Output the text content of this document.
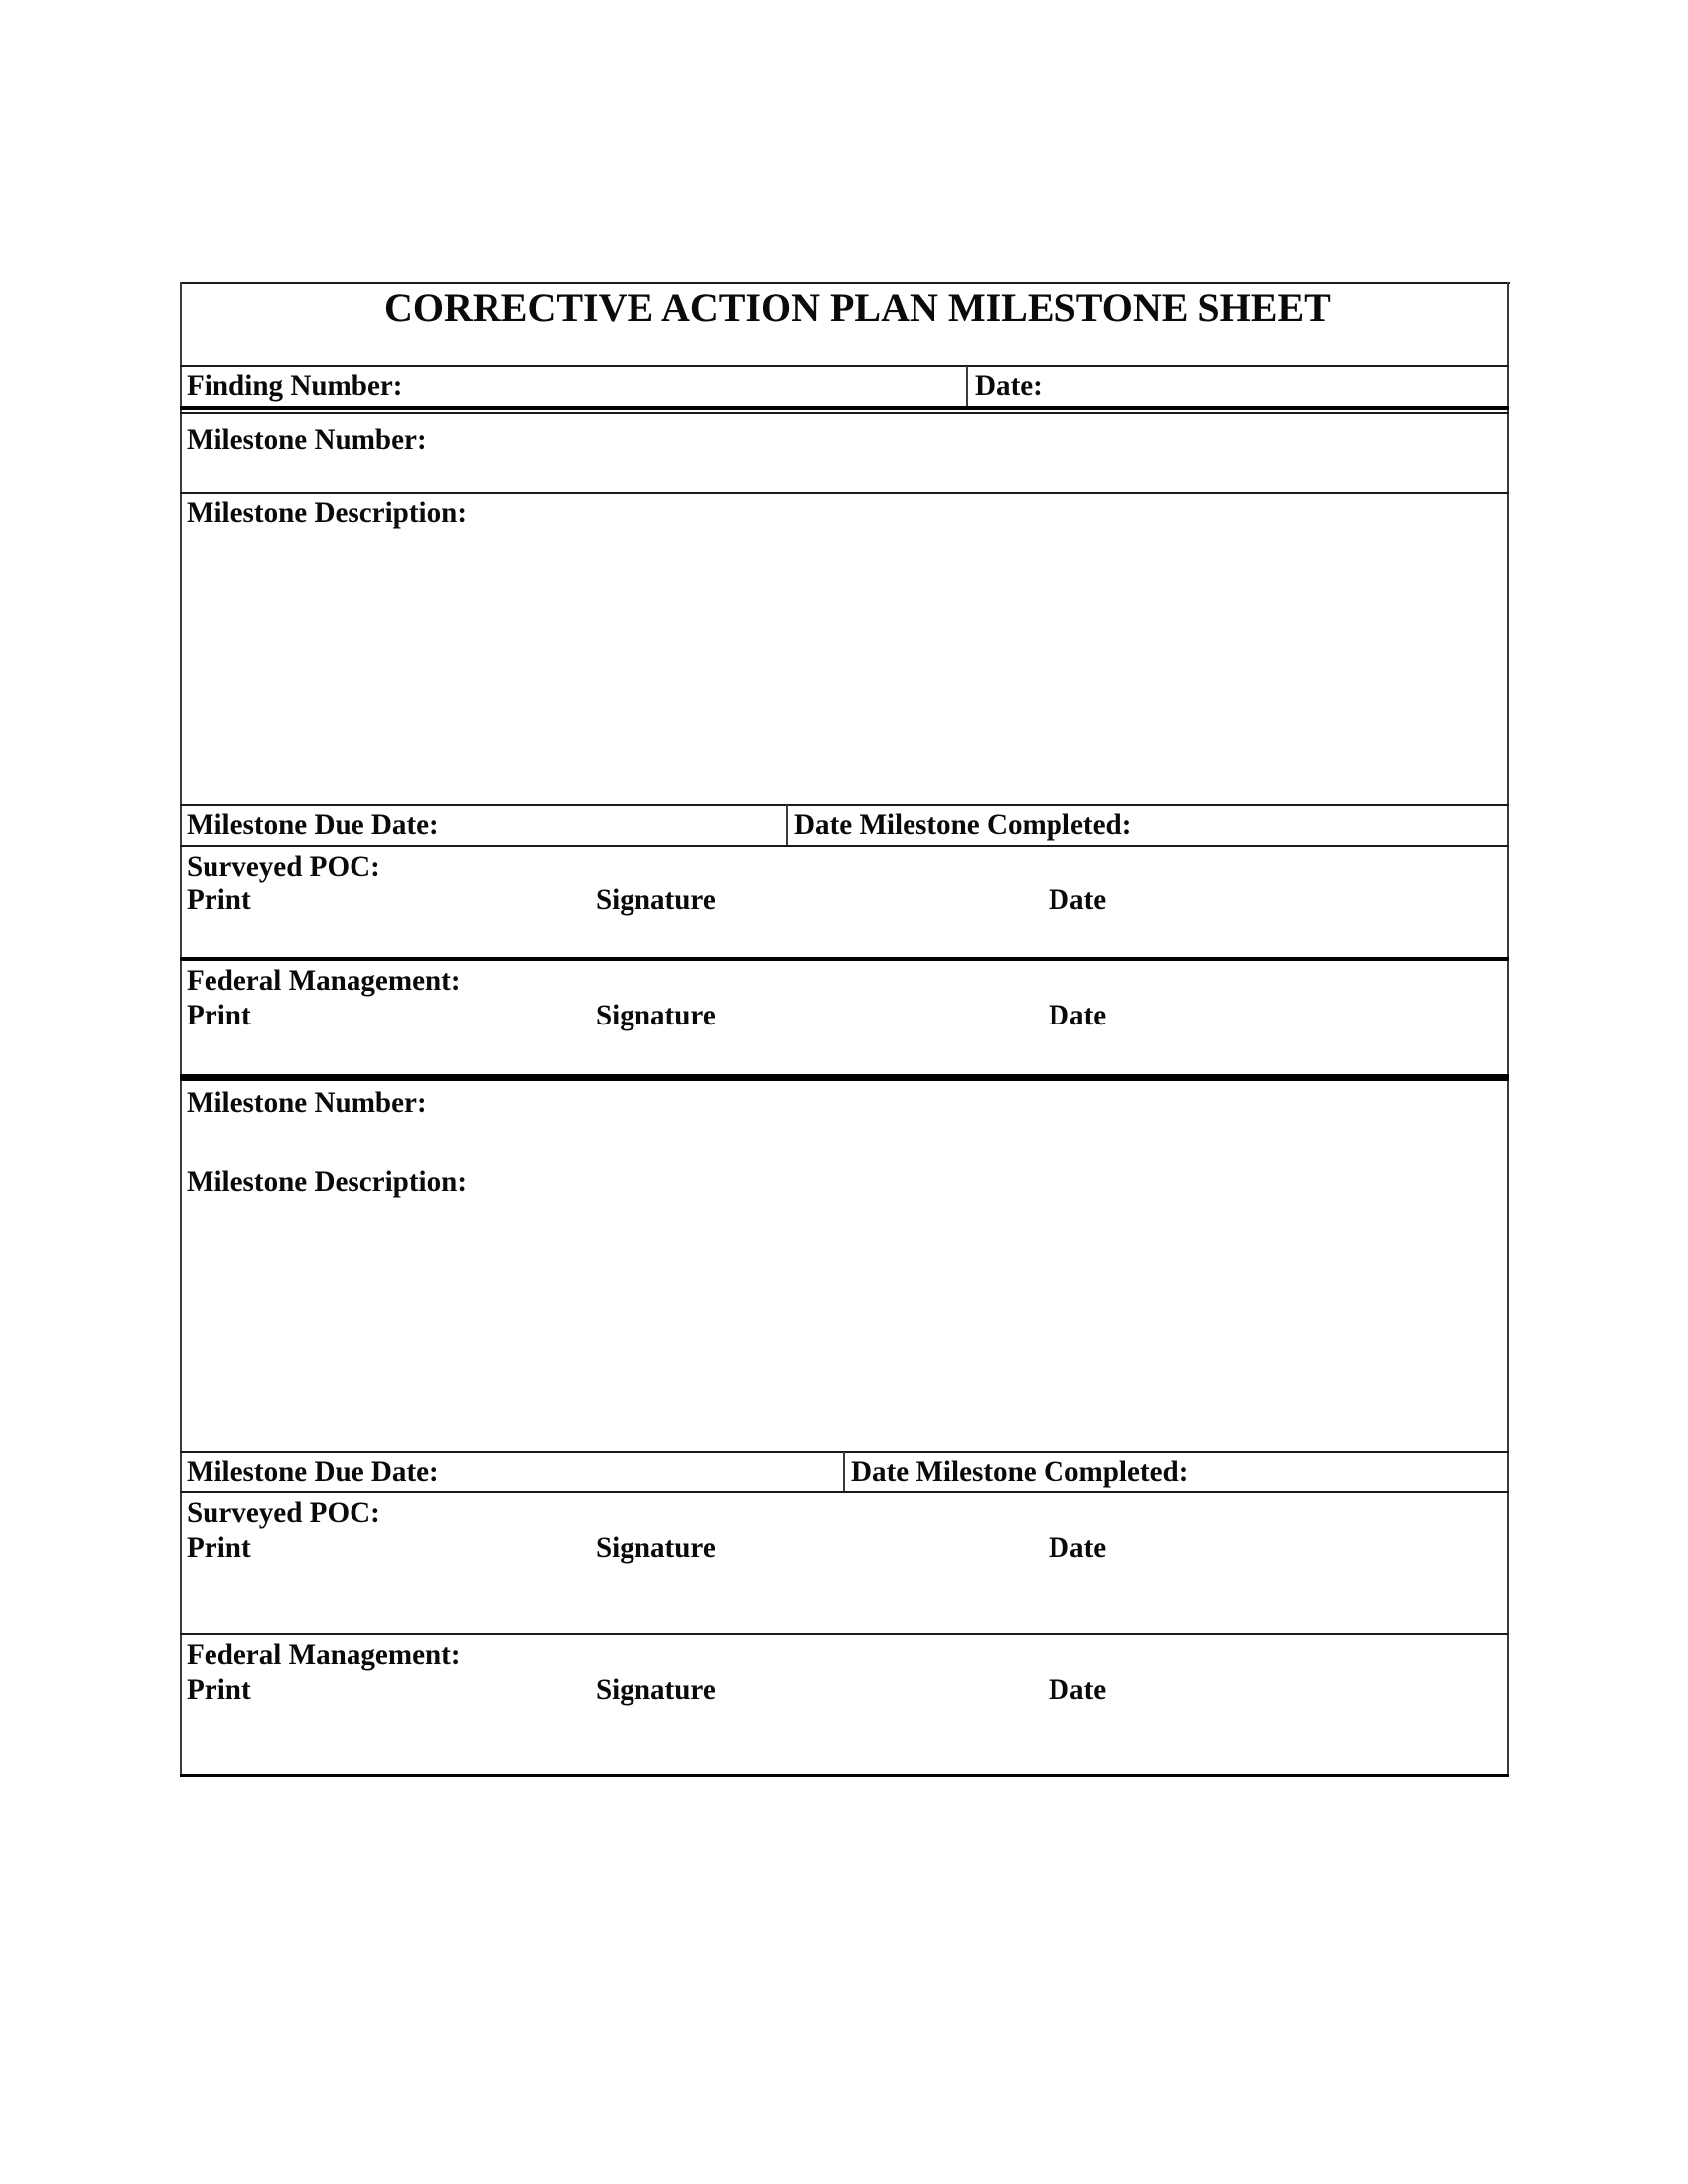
CORRECTIVE ACTION PLAN MILESTONE SHEET
Finding Number:	Date:
Milestone Number:
Milestone Description:
Milestone Due Date:	Date Milestone Completed:
Surveyed POC:
Print	Signature	Date
Federal Management:
Print	Signature	Date
Milestone Number:
Milestone Description:
Milestone Due Date:	Date Milestone Completed:
Surveyed POC:
Print	Signature	Date
Federal Management:
Print	Signature	Date
